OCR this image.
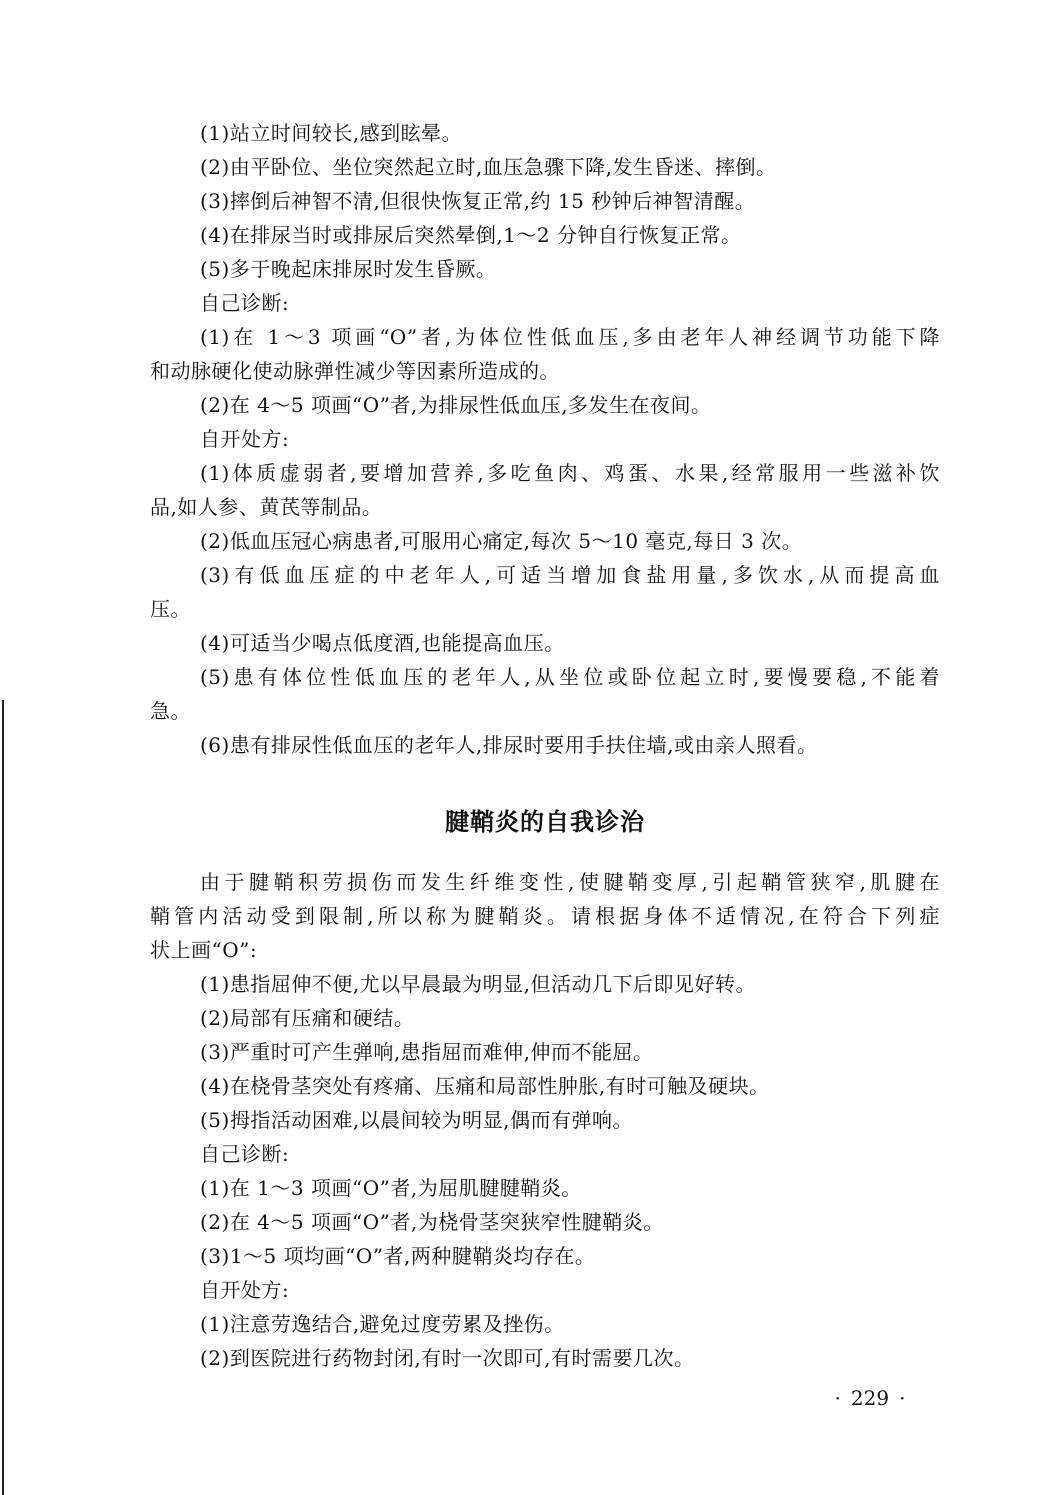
(1)站立时间较长,感到眩晕。
(2)由平卧位、坐位突然起立时,血压急骤下降,发生昏迷、摔倒。
(3)摔倒后神智不清,但很快恢复正常,约 15 秒钟后神智清醒。
(4)在排尿当时或排尿后突然晕倒,1～2 分钟自行恢复正常。
(5)多于晚起床排尿时发生昏厥。
自己诊断:
(1)在 1～3 项画“O”者,为体位性低血压,多由老年人神经调节功能下降
和动脉硬化使动脉弹性减少等因素所造成的。
(2)在 4～5 项画“O”者,为排尿性低血压,多发生在夜间。
自开处方:
(1)体质虚弱者,要增加营养,多吃鱼肉、鸡蛋、水果,经常服用一些滋补饮
品,如人参、黄芪等制品。
(2)低血压冠心病患者,可服用心痛定,每次 5～10 毫克,每日 3 次。
(3)有低血压症的中老年人,可适当增加食盐用量,多饮水,从而提高血
压。
(4)可适当少喝点低度酒,也能提高血压。
(5)患有体位性低血压的老年人,从坐位或卧位起立时,要慢要稳,不能着
急。
(6)患有排尿性低血压的老年人,排尿时要用手扶住墙,或由亲人照看。
腱鞘炎的自我诊治
由于腱鞘积劳损伤而发生纤维变性,使腱鞘变厚,引起鞘管狭窄,肌腱在
鞘管内活动受到限制,所以称为腱鞘炎。请根据身体不适情况,在符合下列症
状上画“O”:
(1)患指屈伸不便,尤以早晨最为明显,但活动几下后即见好转。
(2)局部有压痛和硬结。
(3)严重时可产生弹响,患指屈而难伸,伸而不能屈。
(4)在桡骨茎突处有疼痛、压痛和局部性肿胀,有时可触及硬块。
(5)拇指活动困难,以晨间较为明显,偶而有弹响。
自己诊断:
(1)在 1～3 项画“O”者,为屈肌腱腱鞘炎。
(2)在 4～5 项画“O”者,为桡骨茎突狭窄性腱鞘炎。
(3)1～5 项均画“O”者,两种腱鞘炎均存在。
自开处方:
(1)注意劳逸结合,避免过度劳累及挫伤。
(2)到医院进行药物封闭,有时一次即可,有时需要几次。
· 229 ·
